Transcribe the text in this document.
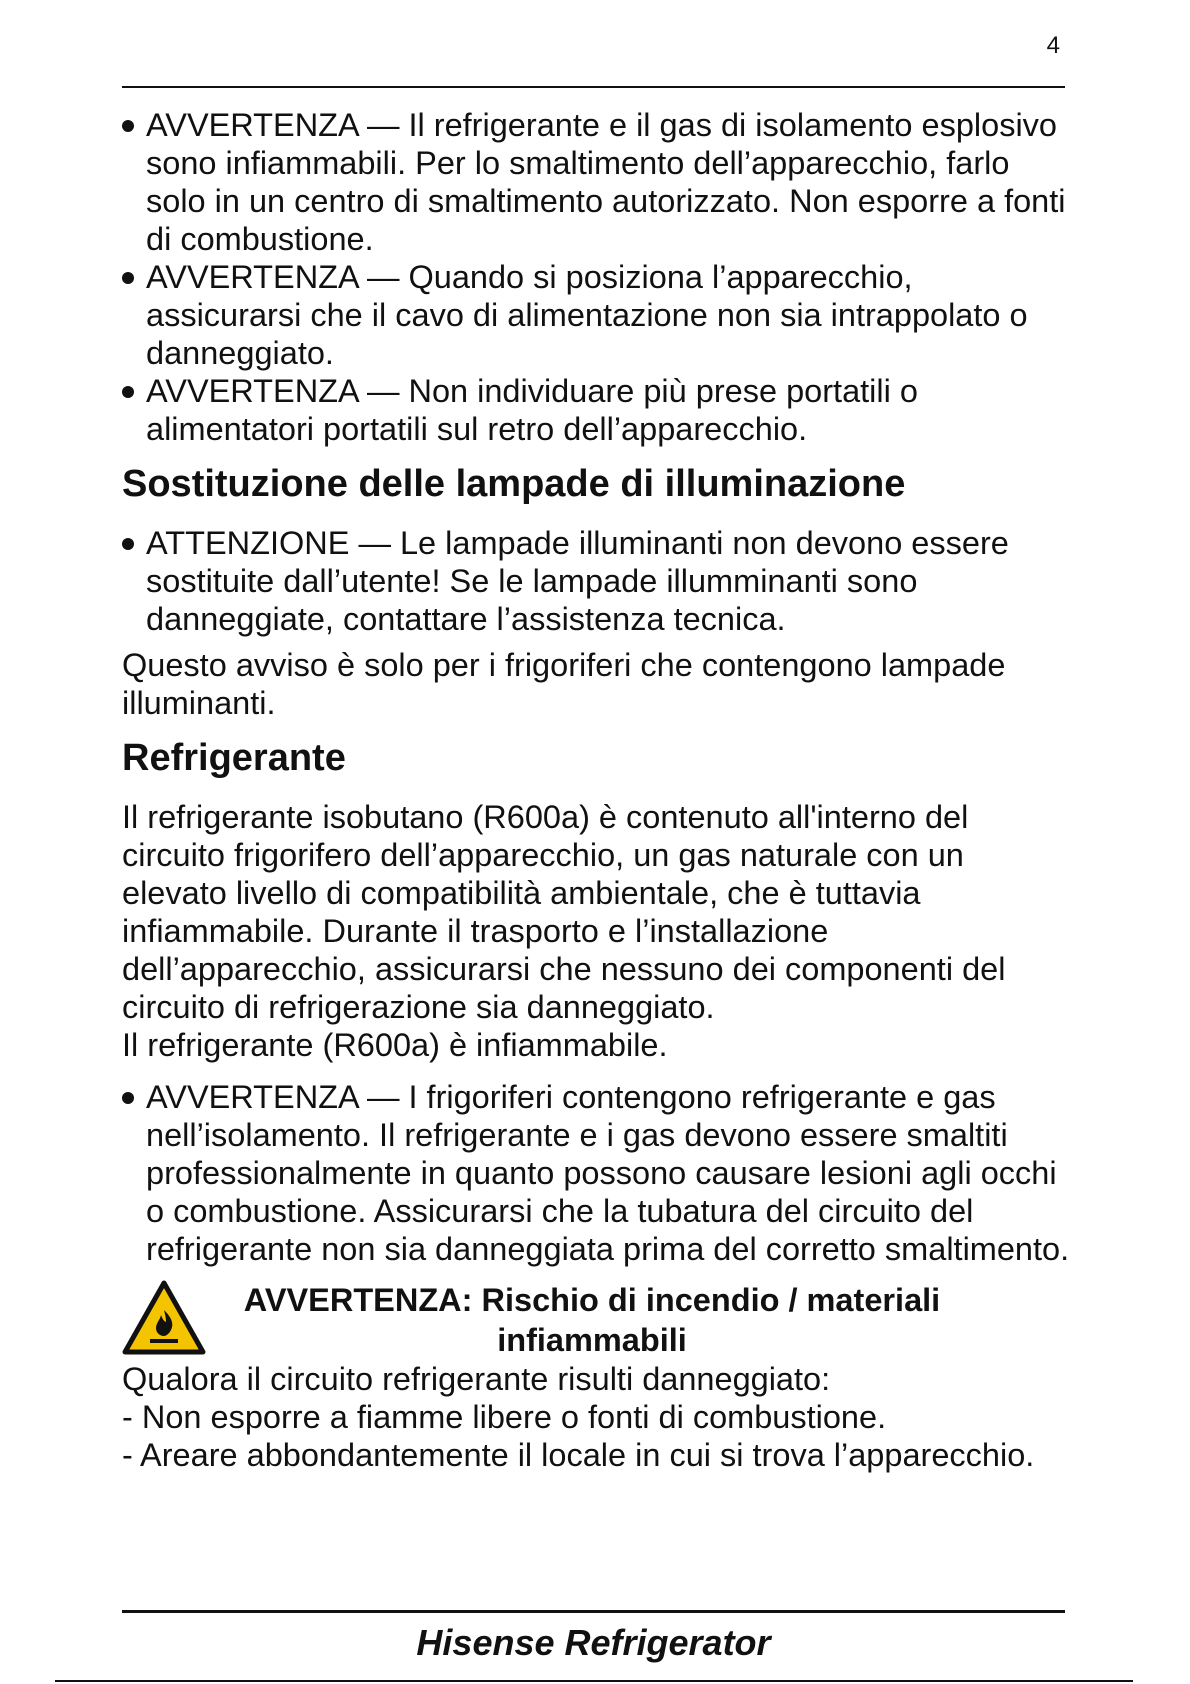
4
AVVERTENZA — Il refrigerante e il gas di isolamento esplosivo sono infiammabili. Per lo smaltimento dell’apparecchio, farlo solo in un centro di smaltimento autorizzato. Non esporre a fonti di combustione.
AVVERTENZA — Quando si posiziona l’apparecchio, assicurarsi che il cavo di alimentazione non sia intrappolato o danneggiato.
AVVERTENZA — Non individuare più prese portatili o alimentatori portatili sul retro dell’apparecchio.
Sostituzione delle lampade di illuminazione
ATTENZIONE — Le lampade illuminanti non devono essere sostituite dall’utente! Se le lampade illumminanti sono danneggiate, contattare l’assistenza tecnica.

Questo avviso è solo per i frigoriferi che contengono lampade illuminanti.

Refrigerante

Il refrigerante isobutano (R600a) è contenuto all'interno del circuito frigorifero dell’apparecchio, un gas naturale con un elevato livello di compatibilità ambientale, che è tuttavia infiammabile. Durante il trasporto e l’installazione dell’apparecchio, assicurarsi che nessuno dei componenti del circuito di refrigerazione sia danneggiato.

Il refrigerante (R600a) è infiammabile.

AVVERTENZA — I frigoriferi contengono refrigerante e gas nell’isolamento. Il refrigerante e i gas devono essere smaltiti professionalmente in quanto possono causare lesioni agli occhi o combustione. Assicurarsi che la tubatura del circuito del refrigerante non sia danneggiata prima del corretto smaltimento.
AVVERTENZA: Rischio di incendio / materiali
infiammabili

Qualora il circuito refrigerante risulti danneggiato:

- Non esporre a fiamme libere o fonti di combustione.

- Areare abbondantemente il locale in cui si trova l’apparecchio.

Hisense Refrigerator
